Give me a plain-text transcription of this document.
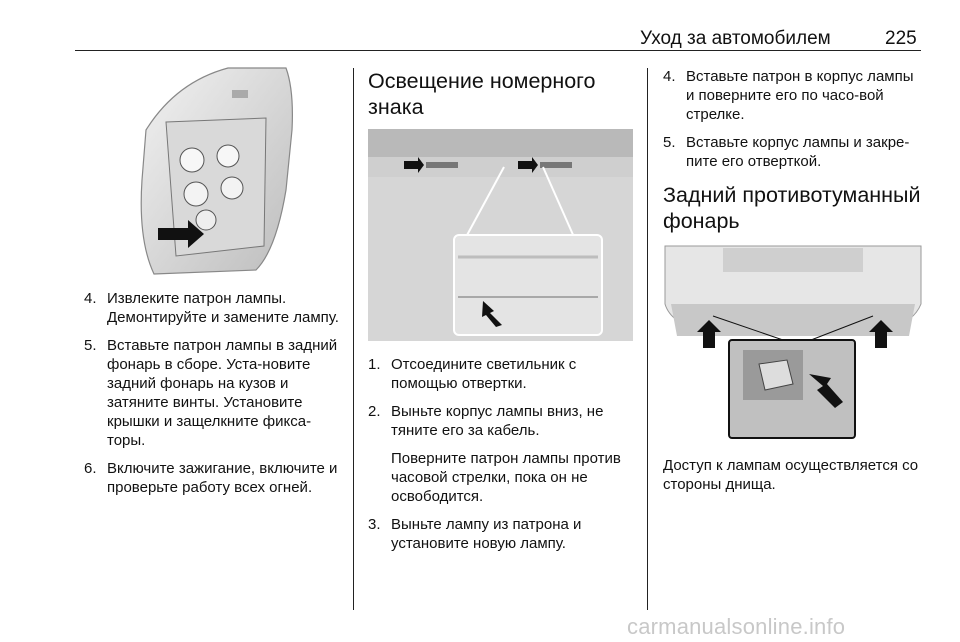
Уход за автомобилем	225
4. Извлеките патрон лампы. Демонтируйте и замените лампу.
5. Вставьте патрон лампы в задний фонарь в сборе. Уста-новите задний фонарь на кузов и затяните винты. Установите крышки и защелкните фикса-торы.
6. Включите зажигание, включите и проверьте работу всех огней.
Освещение номерного знака
1. Отсоедините светильник с помощью отвертки.
2. Выньте корпус лампы вниз, не тяните его за кабель.
Поверните патрон лампы против часовой стрелки, пока он не освободится.
3. Выньте лампу из патрона и установите новую лампу.
4. Вставьте патрон в корпус лампы и поверните его по часо-вой стрелке.
5. Вставьте корпус лампы и закре-пите его отверткой.
Задний противотуманный фонарь

Доступ к лампам осуществляется со стороны днища.

carmanualsonline.info
